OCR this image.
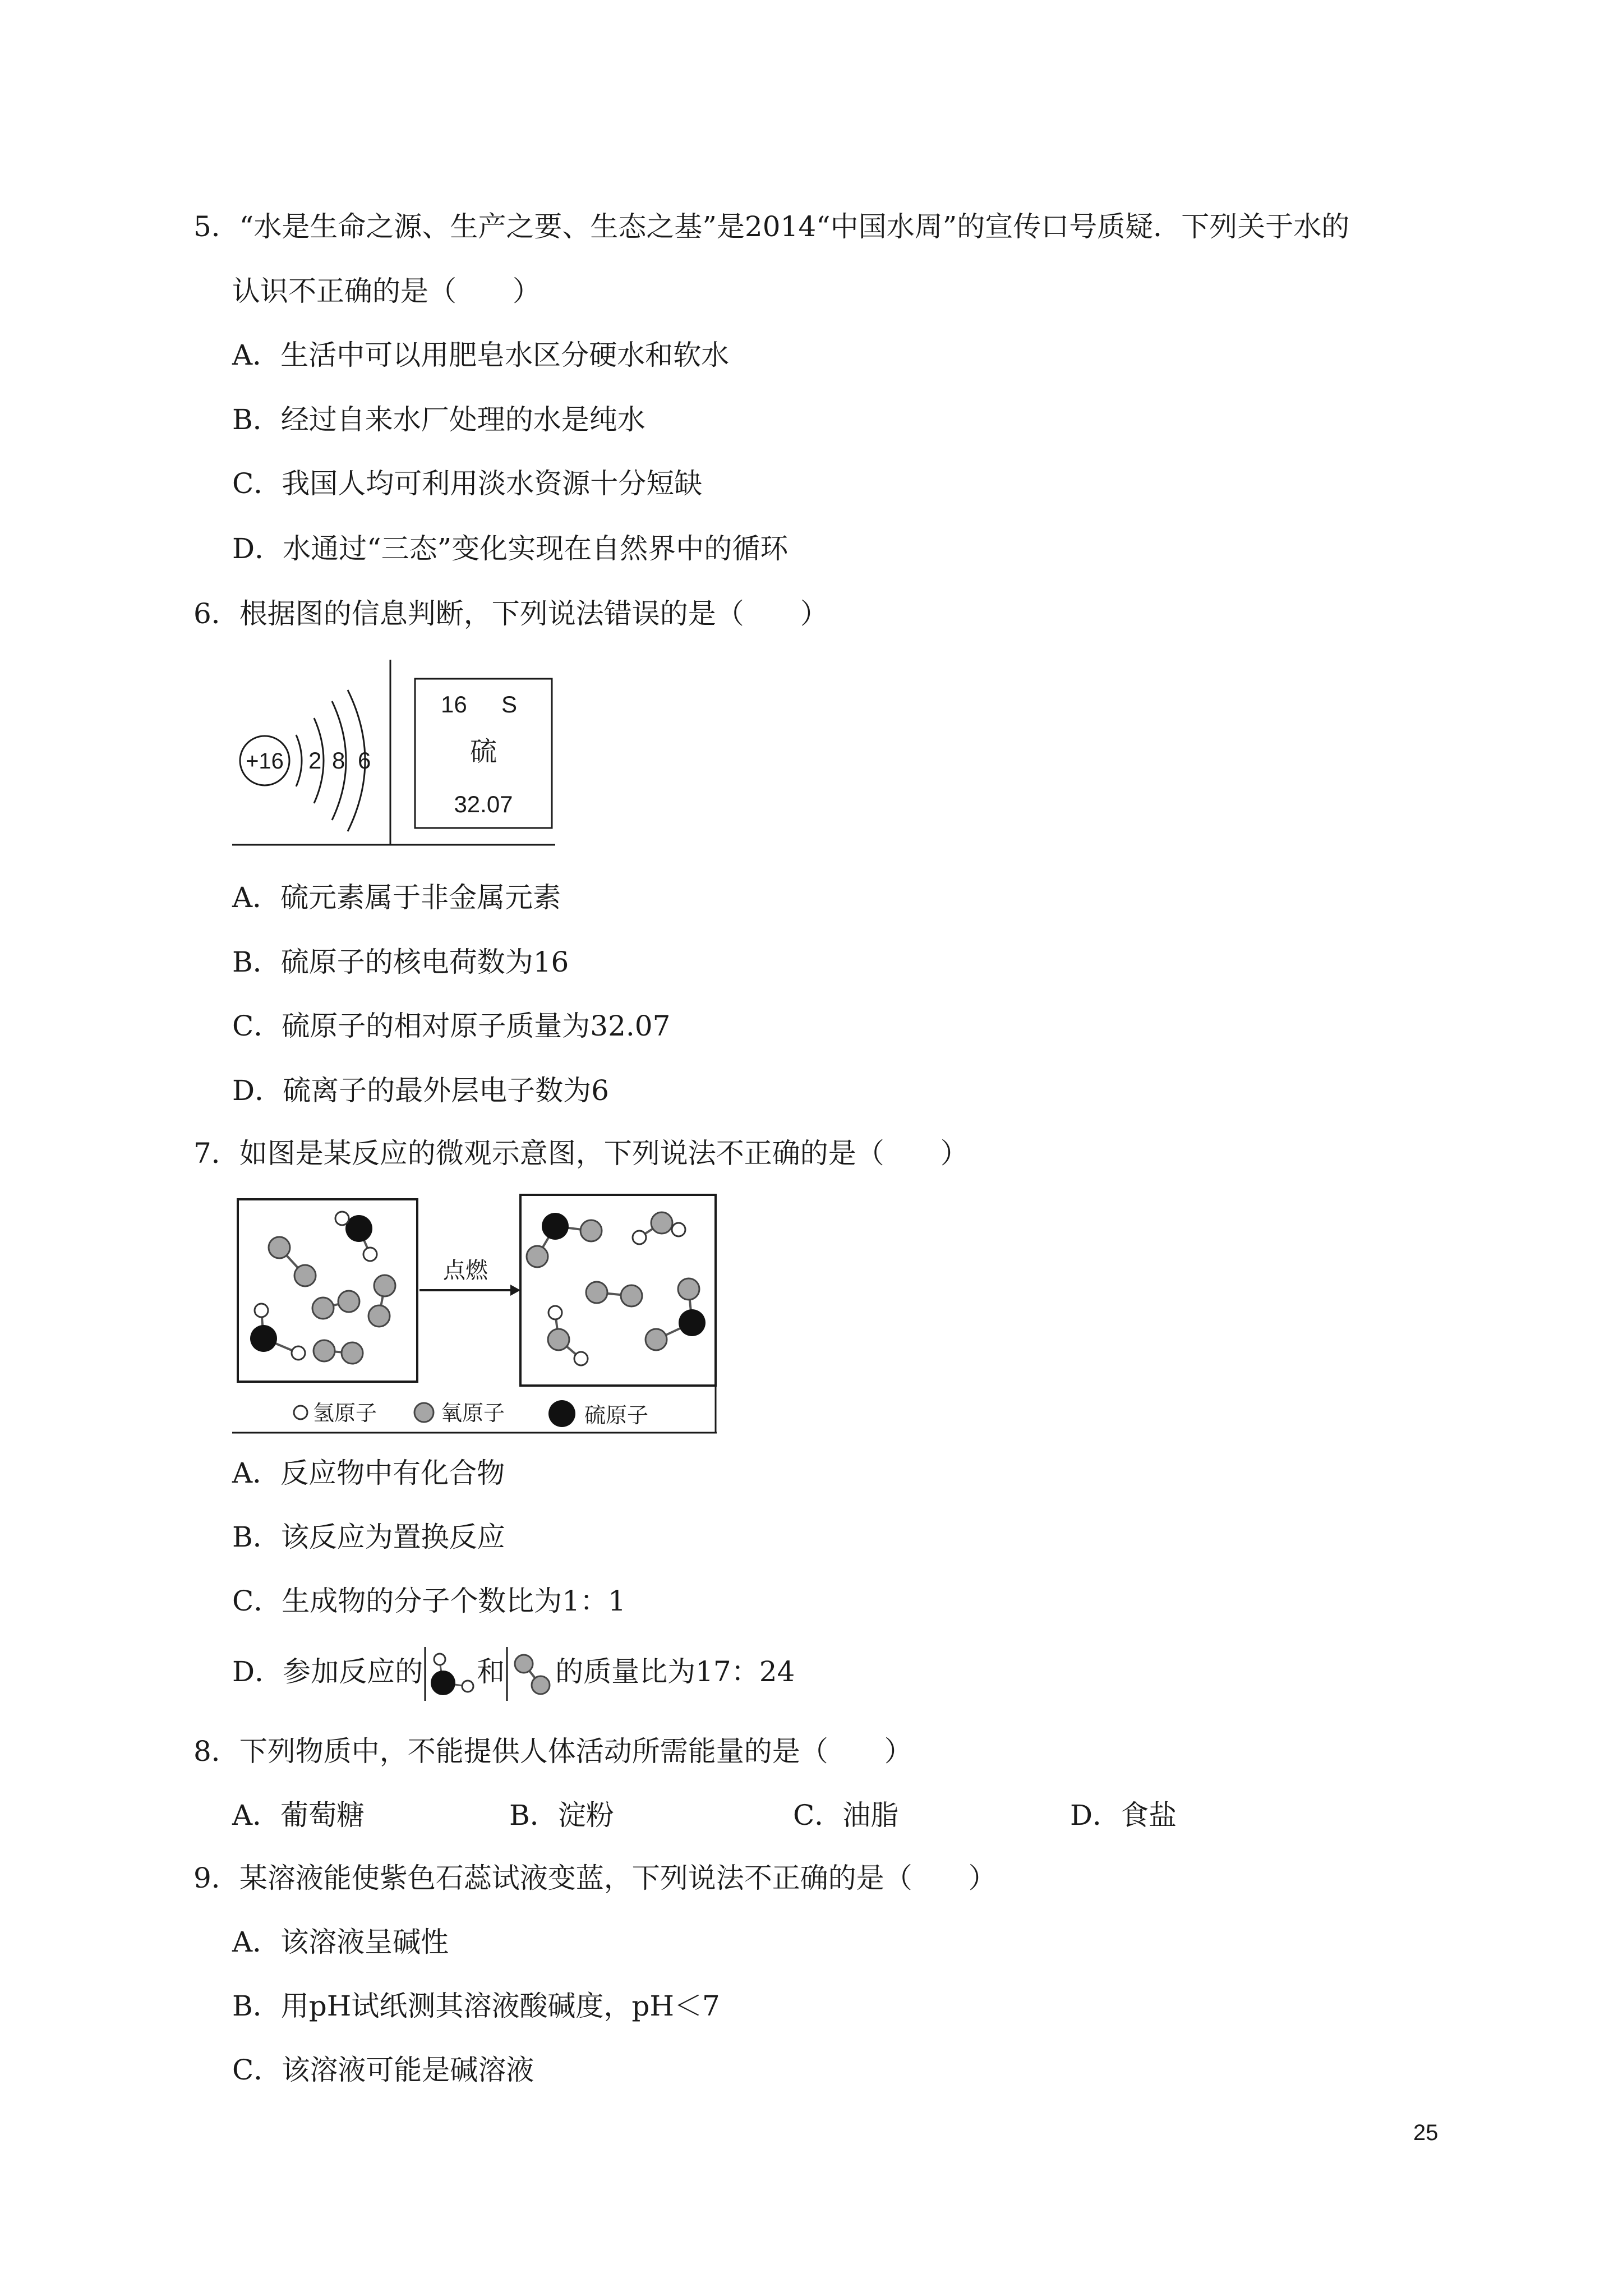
5．“水是生命之源、生产之要、生态之基”是2014“中国水周”的宣传口号质疑．下列关于水的
认识不正确的是（　　）
A．生活中可以用肥皂水区分硬水和软水
B．经过自来水厂处理的水是纯水
C．我国人均可利用淡水资源十分短缺
D．水通过“三态”变化实现在自然界中的循环
6．根据图的信息判断，下列说法错误的是（　　）
+16 2 8 6
16 S
硫
32.07
A．硫元素属于非金属元素
B．硫原子的核电荷数为16
C．硫原子的相对原子质量为32.07
D．硫离子的最外层电子数为6
7．如图是某反应的微观示意图，下列说法不正确的是（　　）
点燃
氢原子	氧原子	硫原子
A．反应物中有化合物
B．该反应为置换反应
C．生成物的分子个数比为1：1
D．参加反应的 和 的质量比为17：24
8．下列物质中，不能提供人体活动所需能量的是（　　）
A．葡萄糖	B．淀粉	C．油脂	D．食盐
9．某溶液能使紫色石蕊试液变蓝，下列说法不正确的是（　　）
A．该溶液呈碱性
B．用pH试纸测其溶液酸碱度，pH＜7
C．该溶液可能是碱溶液
25
